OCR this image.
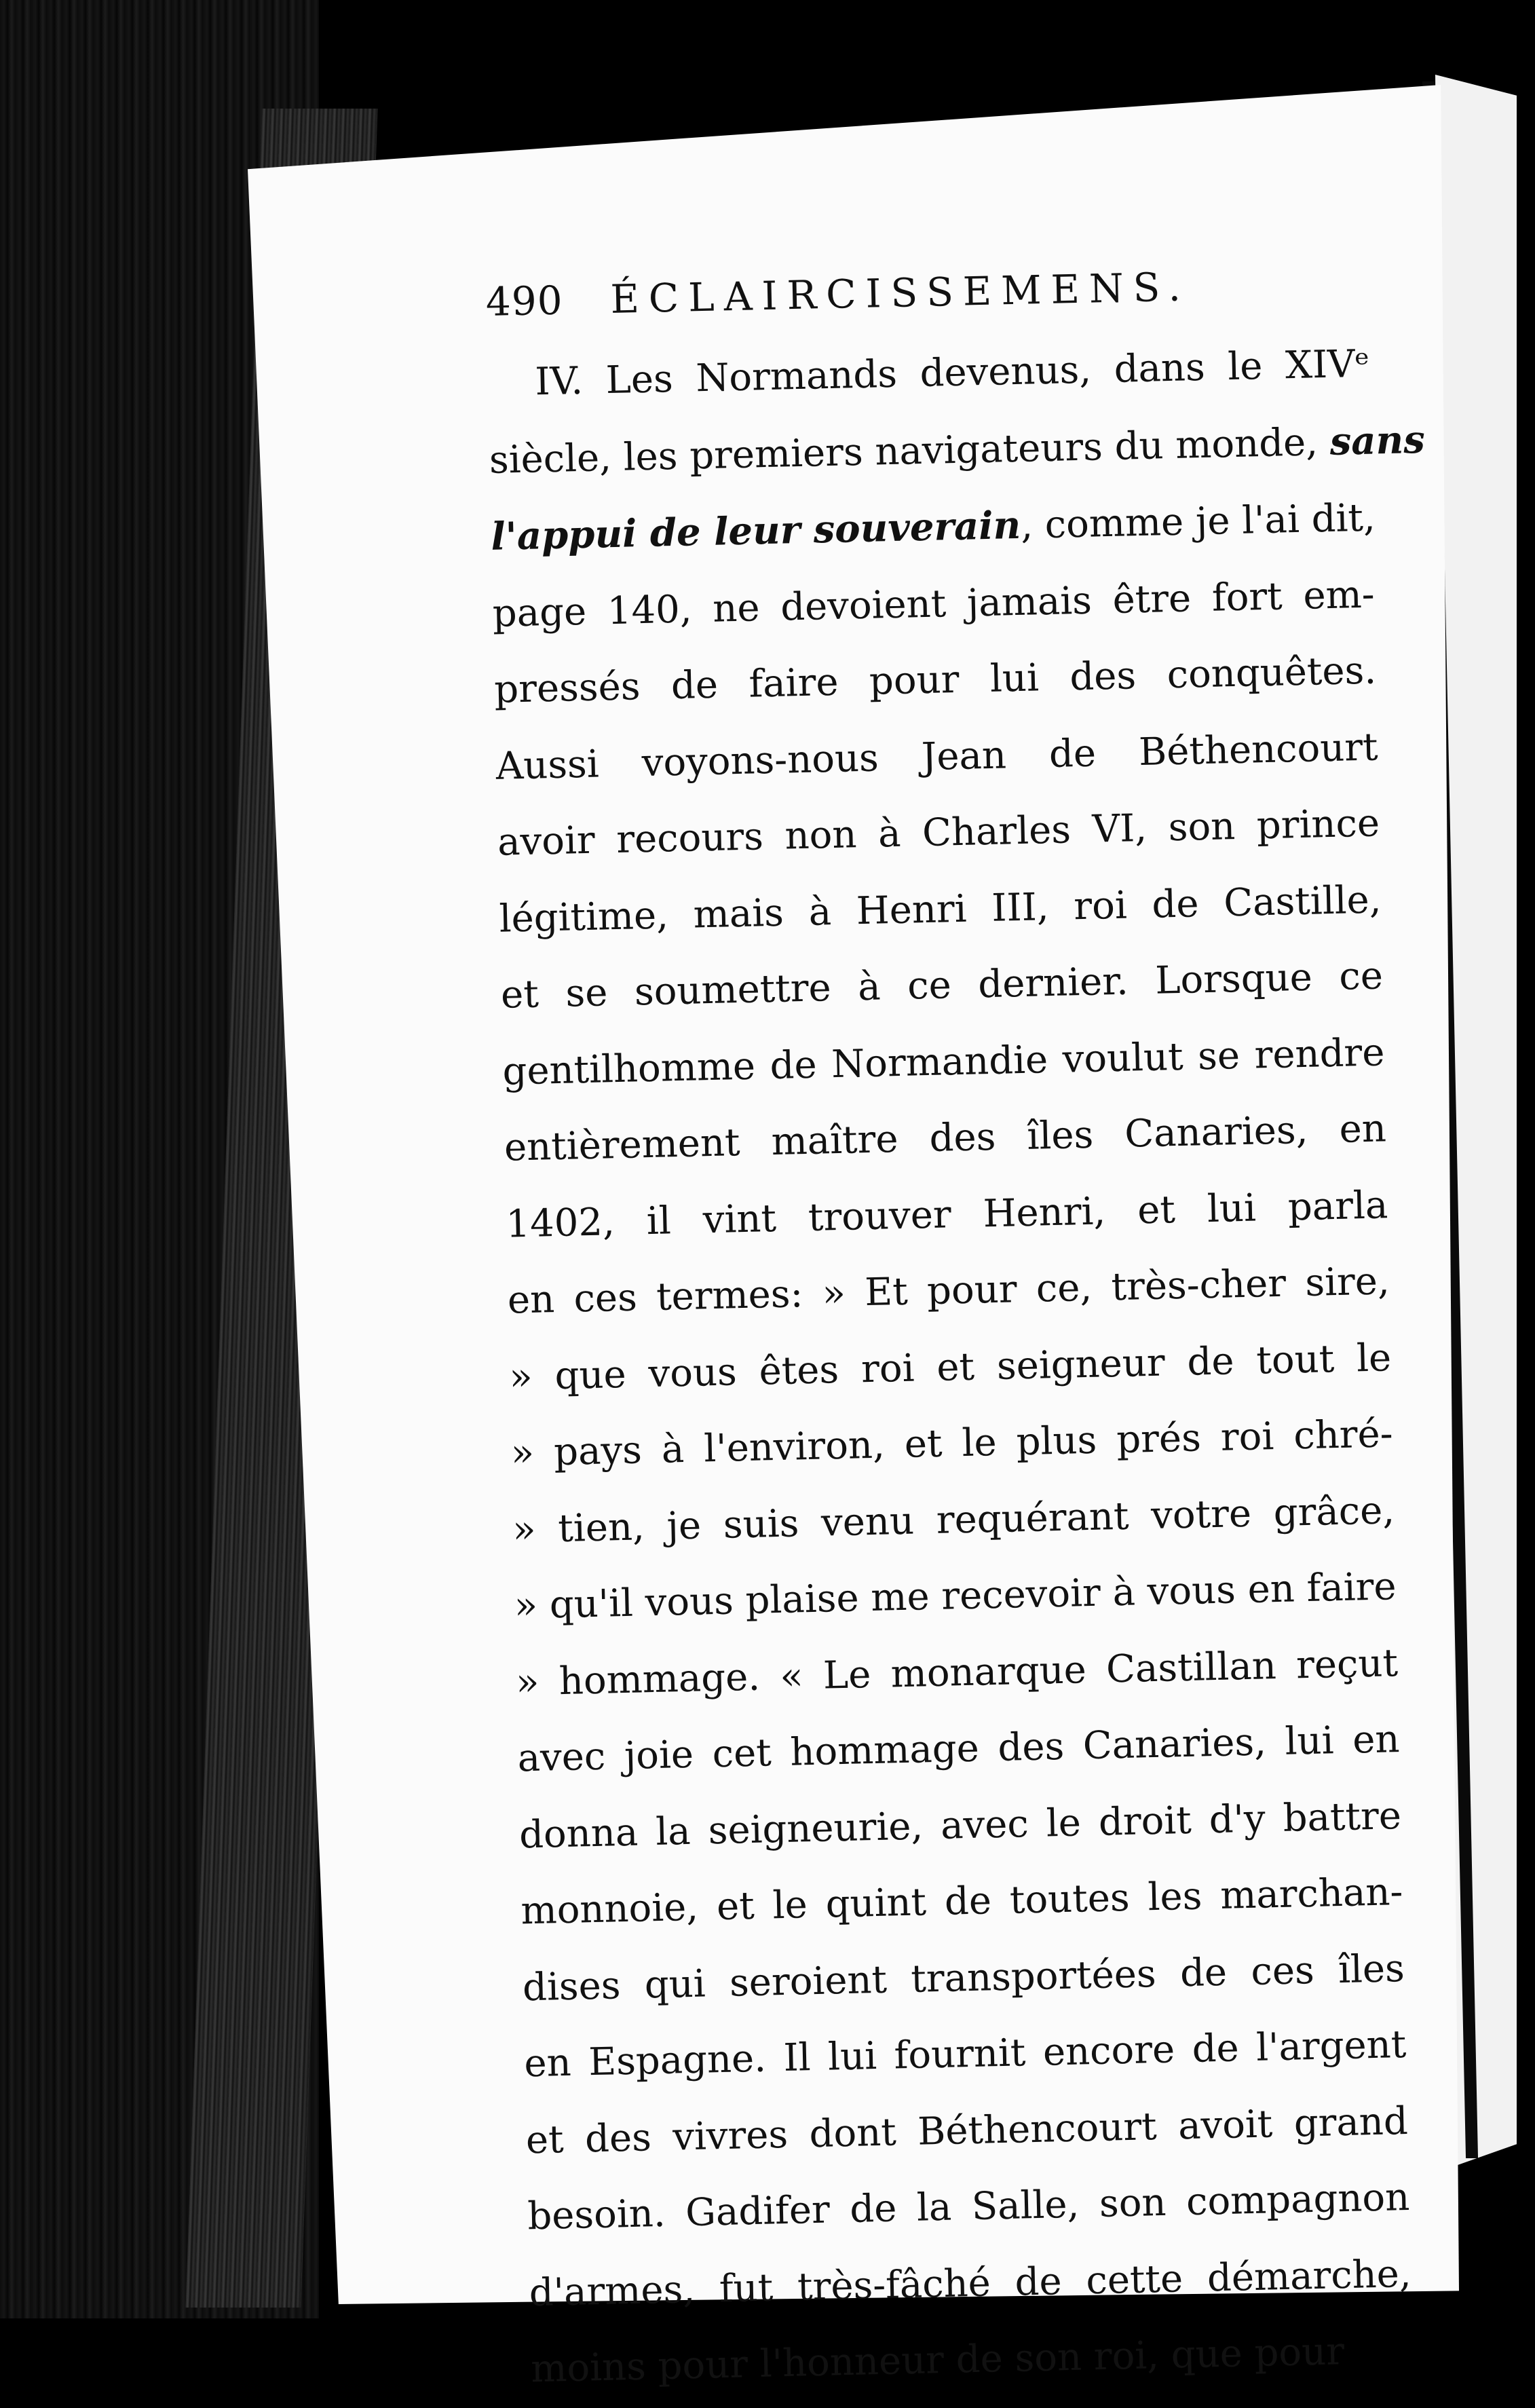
490 ÉCLAIRCISSEMENS.
IV. Les Normands devenus, dans le XIVᵉ
siècle, les premiers navigateurs du monde, sans
l'appui de leur souverain, comme je l'ai dit,
page 140, ne devoient jamais être fort em-
pressés de faire pour lui des conquêtes.
Aussi voyons-nous Jean de Béthencourt
avoir recours non à Charles VI, son prince
légitime, mais à Henri III, roi de Castille,
et se soumettre à ce dernier. Lorsque ce
gentilhomme de Normandie voulut se rendre
entièrement maître des îles Canaries, en
1402, il vint trouver Henri, et lui parla
en ces termes: » Et pour ce, très-cher sire,
» que vous êtes roi et seigneur de tout le
» pays à l'environ, et le plus prés roi chré-
» tien, je suis venu requérant votre grâce,
» qu'il vous plaise me recevoir à vous en faire
» hommage. « Le monarque Castillan reçut
avec joie cet hommage des Canaries, lui en
donna la seigneurie, avec le droit d'y battre
monnoie, et le quint de toutes les marchan-
dises qui seroient transportées de ces îles
en Espagne. Il lui fournit encore de l'argent
et des vivres dont Béthencourt avoit grand
besoin. Gadifer de la Salle, son compagnon
d'armes, fut très-fâché de cette démarche,
moins pour l'honneur de son roi, que pour
